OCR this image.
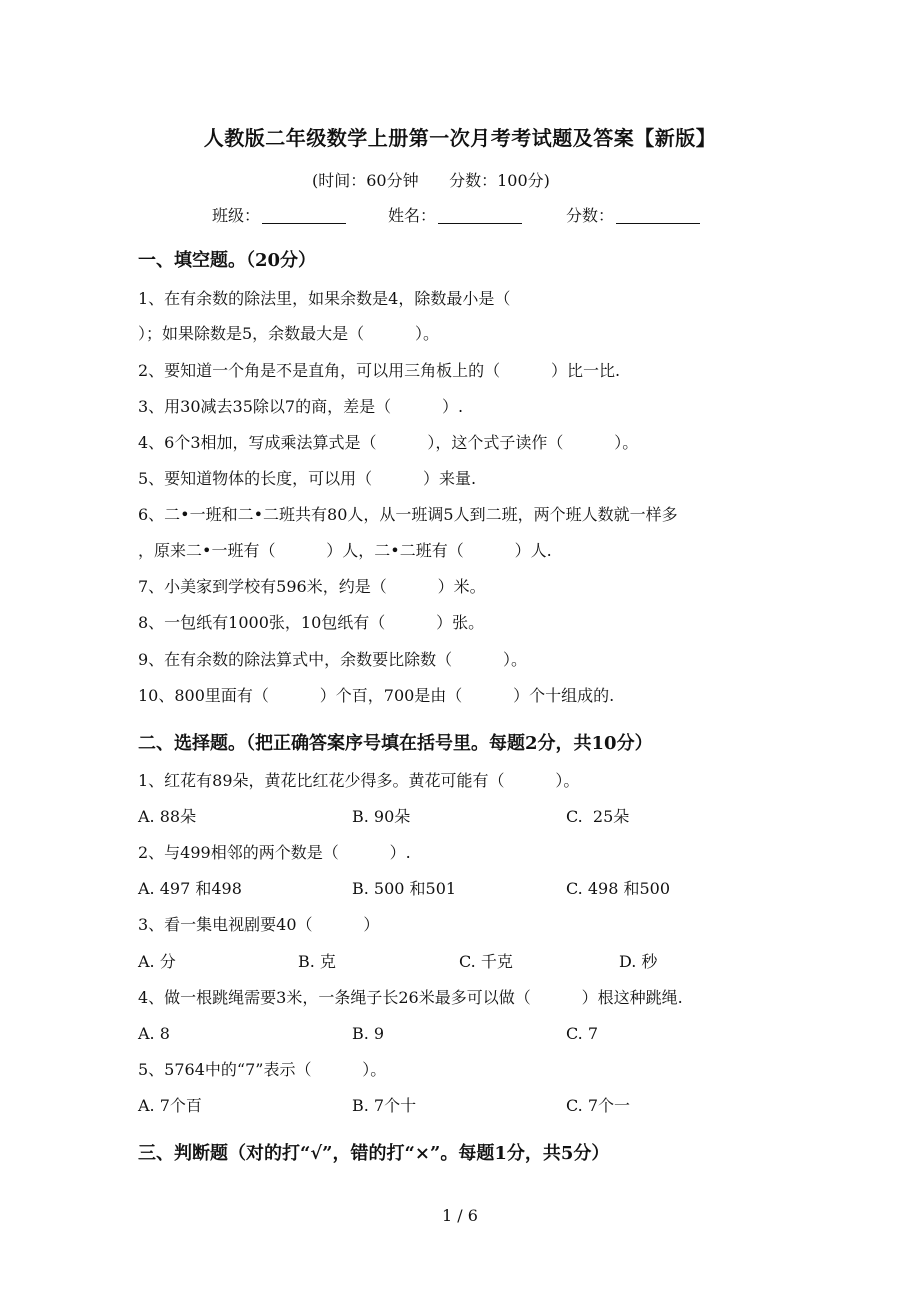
人教版二年级数学上册第一次月考考试题及答案【新版】
(时间：60分钟      分数：100分)
班级：	姓名：	分数：
一、填空题。（20分）
1、在有余数的除法里，如果余数是4，除数最小是（
）；如果除数是5，余数最大是（          ）。
2、要知道一个角是不是直角，可以用三角板上的（          ）比一比.
3、用30减去35除以7的商，差是（          ）.
4、6个3相加，写成乘法算式是（          ），这个式子读作（          ）。
5、要知道物体的长度，可以用（          ）来量.
6、二•一班和二•二班共有80人，从一班调5人到二班，两个班人数就一样多
，原来二•一班有（          ）人，二•二班有（          ）人.
7、小美家到学校有596米，约是（          ）米。
8、一包纸有1000张，10包纸有（          ）张。
9、在有余数的除法算式中，余数要比除数（          ）。
10、800里面有（          ）个百，700是由（          ）个十组成的.
二、选择题。（把正确答案序号填在括号里。每题2分，共10分）
1、红花有89朵，黄花比红花少得多。黄花可能有（          ）。
A. 88朵	B. 90朵	C.  25朵
2、与499相邻的两个数是（          ）.
A. 497 和498	B. 500 和501	C. 498 和500
3、看一集电视剧要40（          ）
A. 分	B. 克	C. 千克	D. 秒
4、做一根跳绳需要3米，一条绳子长26米最多可以做（          ）根这种跳绳.
A. 8	B. 9	C. 7
5、5764中的“7”表示（          ）。
A. 7个百	B. 7个十	C. 7个一
三、判断题（对的打“√”，错的打“×”。每题1分，共5分）
1 / 6
